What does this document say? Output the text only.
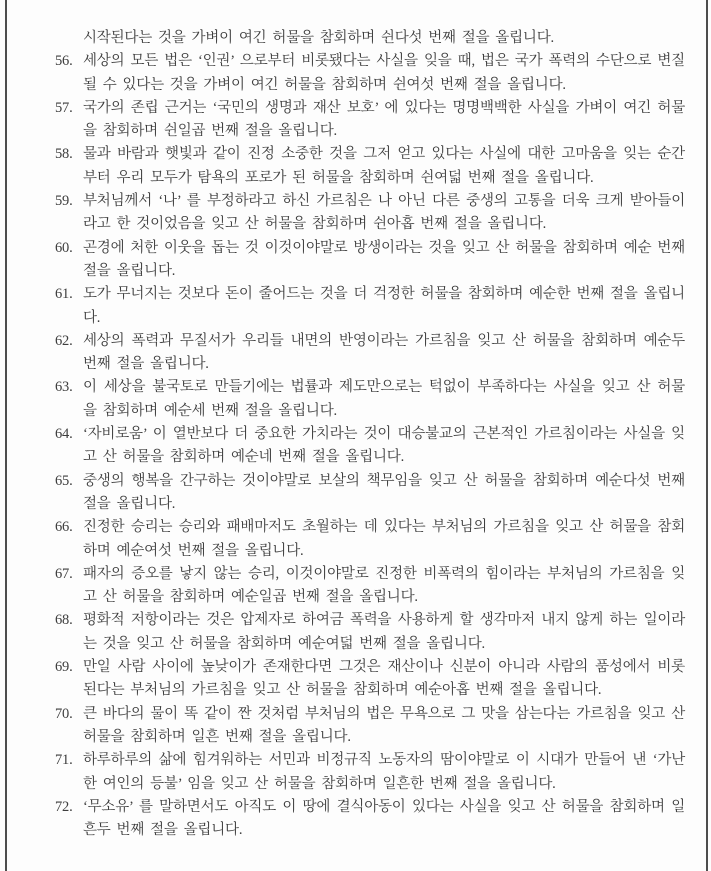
시작된다는 것을 가벼이 여긴 허물을 참회하며 쉰다섯 번째 절을 올립니다.
56. 세상의 모든 법은 ‘인권’ 으로부터 비롯됐다는 사실을 잊을 때, 법은 국가 폭력의 수단으로 변질될 수 있다는 것을 가벼이 여긴 허물을 참회하며 쉰여섯 번째 절을 올립니다.
57. 국가의 존립 근거는 ‘국민의 생명과 재산 보호’ 에 있다는 명명백백한 사실을 가벼이 여긴 허물을 참회하며 쉰일곱 번째 절을 올립니다.
58. 물과 바람과 햇빛과 같이 진정 소중한 것을 그저 얻고 있다는 사실에 대한 고마움을 잊는 순간부터 우리 모두가 탐욕의 포로가 된 허물을 참회하며 쉰여덟 번째 절을 올립니다.
59. 부처님께서 ‘나’ 를 부정하라고 하신 가르침은 나 아닌 다른 중생의 고통을 더욱 크게 받아들이라고 한 것이었음을 잊고 산 허물을 참회하며 쉰아홉 번째 절을 올립니다.
60. 곤경에 처한 이웃을 돕는 것 이것이야말로 방생이라는 것을 잊고 산 허물을 참회하며 예순 번째 절을 올립니다.
61. 도가 무너지는 것보다 돈이 줄어드는 것을 더 걱정한 허물을 참회하며 예순한 번째 절을 올립니다.
62. 세상의 폭력과 무질서가 우리들 내면의 반영이라는 가르침을 잊고 산 허물을 참회하며 예순두 번째 절을 올립니다.
63. 이 세상을 불국토로 만들기에는 법률과 제도만으로는 턱없이 부족하다는 사실을 잊고 산 허물을 참회하며 예순세 번째 절을 올립니다.
64. ‘자비로움’ 이 열반보다 더 중요한 가치라는 것이 대승불교의 근본적인 가르침이라는 사실을 잊고 산 허물을 참회하며 예순네 번째 절을 올립니다.
65. 중생의 행복을 간구하는 것이야말로 보살의 책무임을 잊고 산 허물을 참회하며 예순다섯 번째 절을 올립니다.
66. 진정한 승리는 승리와 패배마저도 초월하는 데 있다는 부처님의 가르침을 잊고 산 허물을 참회하며 예순여섯 번째 절을 올립니다.
67. 패자의 증오를 낳지 않는 승리, 이것이야말로 진정한 비폭력의 힘이라는 부처님의 가르침을 잊고 산 허물을 참회하며 예순일곱 번째 절을 올립니다.
68. 평화적 저항이라는 것은 압제자로 하여금 폭력을 사용하게 할 생각마저 내지 않게 하는 일이라는 것을 잊고 산 허물을 참회하며 예순여덟 번째 절을 올립니다.
69. 만일 사람 사이에 높낮이가 존재한다면 그것은 재산이나 신분이 아니라 사람의 품성에서 비롯된다는 부처님의 가르침을 잊고 산 허물을 참회하며 예순아홉 번째 절을 올립니다.
70. 큰 바다의 물이 똑 같이 짠 것처럼 부처님의 법은 무욕으로 그 맛을 삼는다는 가르침을 잊고 산 허물을 참회하며 일흔 번째 절을 올립니다.
71. 하루하루의 삶에 힘겨워하는 서민과 비정규직 노동자의 땀이야말로 이 시대가 만들어 낸 ‘가난한 여인의 등불’ 임을 잊고 산 허물을 참회하며 일흔한 번째 절을 올립니다.
72. ‘무소유’ 를 말하면서도 아직도 이 땅에 결식아동이 있다는 사실을 잊고 산 허물을 참회하며 일흔두 번째 절을 올립니다.
